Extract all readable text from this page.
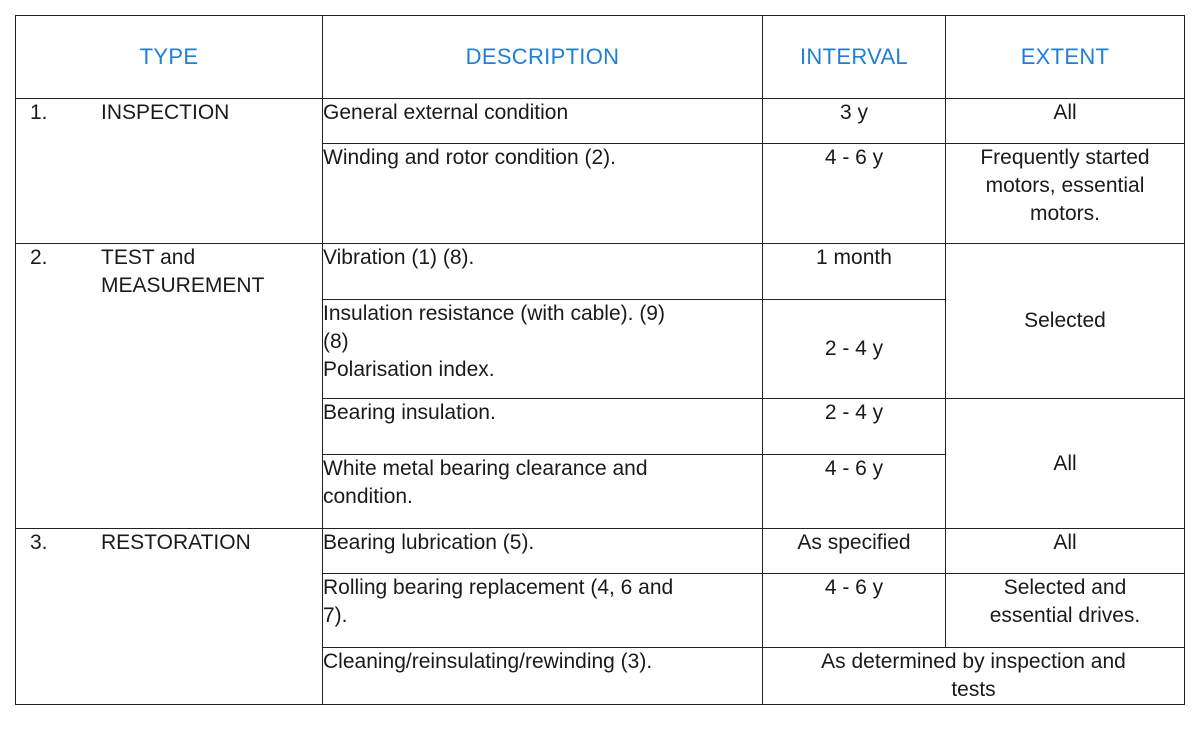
TYPE	DESCRIPTION	INTERVAL	EXTENT

1. INSPECTION	General external condition	3 y	All

	Winding and rotor condition (2).	4 - 6 y	Frequently started
motors, essential
motors.

2. TEST and
MEASUREMENT	Vibration (1) (8).	1 month	Selected

	Insulation resistance (with cable). (9)
(8)
Polarisation index.	2 - 4 y	

	Bearing insulation.	2 - 4 y	All

	White metal bearing clearance and
condition.	4 - 6 y	

3. RESTORATION	Bearing lubrication (5).	As specified	All

	Rolling bearing replacement (4, 6 and
7).	4 - 6 y	Selected and
essential drives.

	Cleaning/reinsulating/rewinding (3).	As determined by inspection and
tests	
